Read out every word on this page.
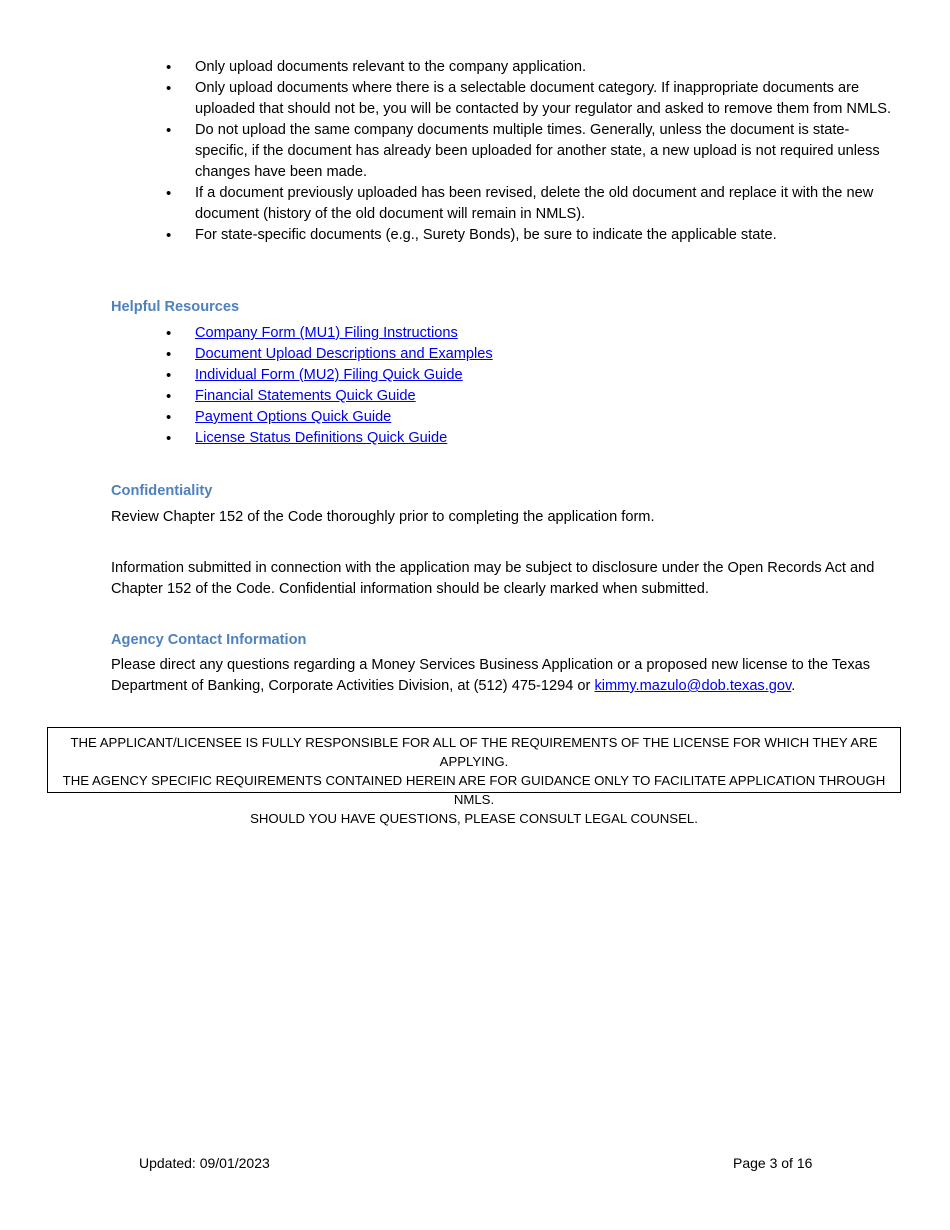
• Only upload documents relevant to the company application.
• Only upload documents where there is a selectable document category. If inappropriate documents are uploaded that should not be, you will be contacted by your regulator and asked to remove them from NMLS.
• Do not upload the same company documents multiple times. Generally, unless the document is state-specific, if the document has already been uploaded for another state, a new upload is not required unless changes have been made.
• If a document previously uploaded has been revised, delete the old document and replace it with the new document (history of the old document will remain in NMLS).
• For state-specific documents (e.g., Surety Bonds), be sure to indicate the applicable state.
Helpful Resources
• Company Form (MU1) Filing Instructions
• Document Upload Descriptions and Examples
• Individual Form (MU2) Filing Quick Guide
• Financial Statements Quick Guide
• Payment Options Quick Guide
• License Status Definitions Quick Guide
Confidentiality
Review Chapter 152 of the Code thoroughly prior to completing the application form.
Information submitted in connection with the application may be subject to disclosure under the Open Records Act and Chapter 152 of the Code. Confidential information should be clearly marked when submitted.
Agency Contact Information
Please direct any questions regarding a Money Services Business Application or a proposed new license to the Texas Department of Banking, Corporate Activities Division, at (512) 475-1294 or kimmy.mazulo@dob.texas.gov.
THE APPLICANT/LICENSEE IS FULLY RESPONSIBLE FOR ALL OF THE REQUIREMENTS OF THE LICENSE FOR WHICH THEY ARE APPLYING.
THE AGENCY SPECIFIC REQUIREMENTS CONTAINED HEREIN ARE FOR GUIDANCE ONLY TO FACILITATE APPLICATION THROUGH NMLS.
SHOULD YOU HAVE QUESTIONS, PLEASE CONSULT LEGAL COUNSEL.
Updated: 09/01/2023	Page 3 of 16
